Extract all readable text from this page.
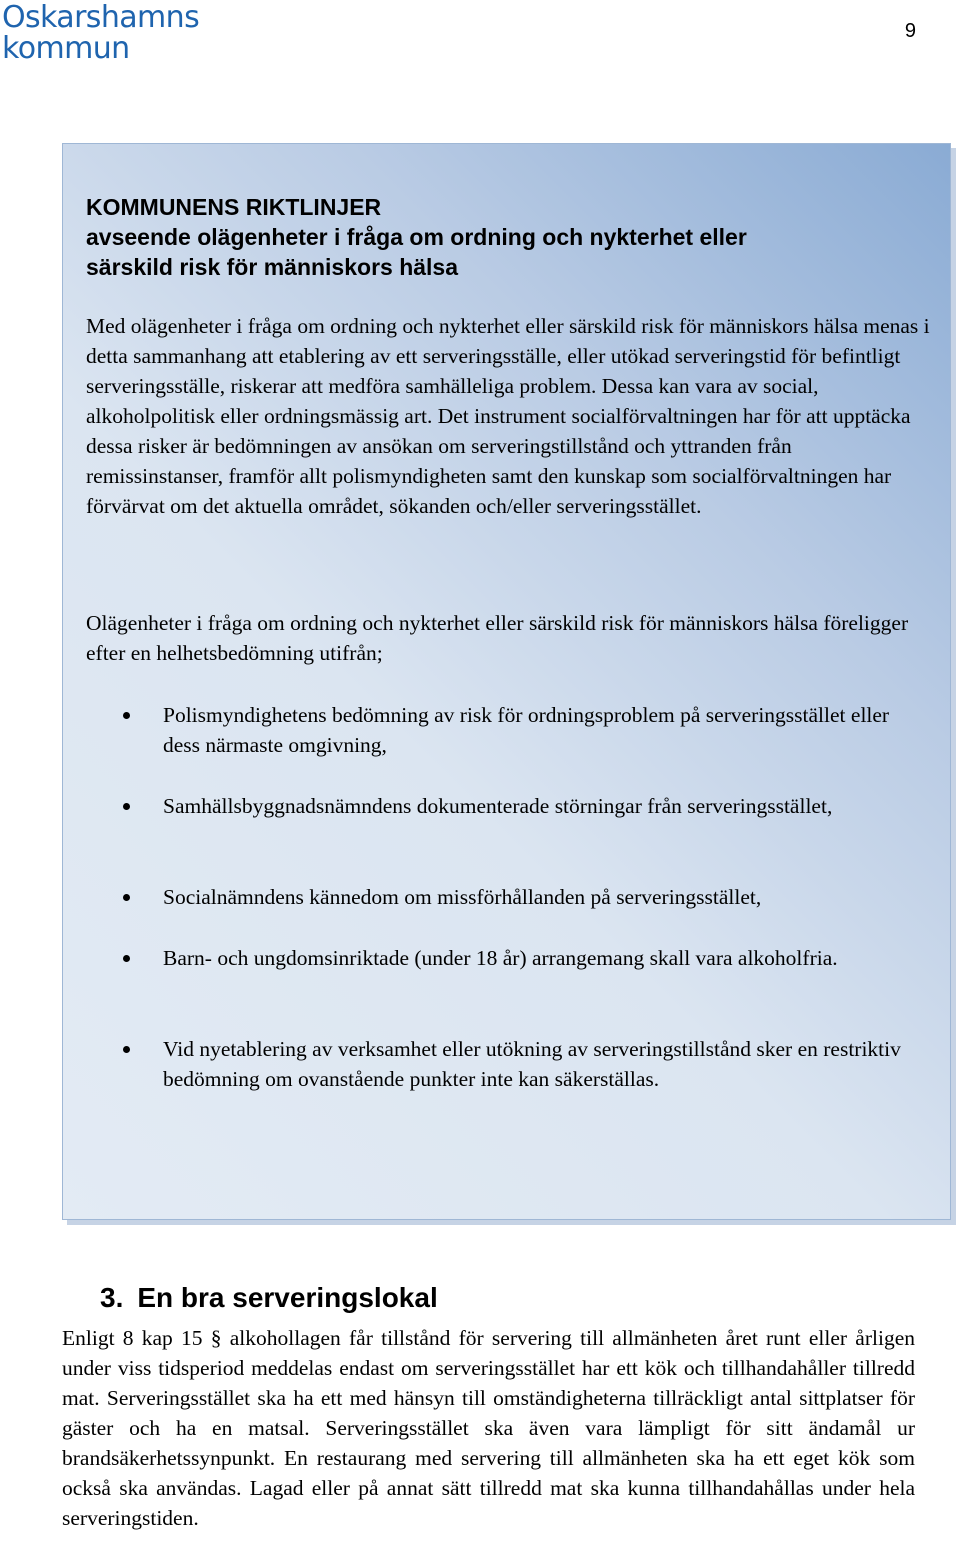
Oskarshamns
kommun	9
KOMMUNENS RIKTLINJER
avseende olägenheter i fråga om ordning och nykterhet eller
särskild risk för människors hälsa
Med olägenheter i fråga om ordning och nykterhet eller särskild risk för människors hälsa menas i detta sammanhang att etablering av ett serveringsställe, eller utökad serveringstid för befintligt serveringsställe, riskerar att medföra samhälleliga problem. Dessa kan vara av social, alkoholpolitisk eller ordningsmässig art. Det instrument socialförvaltningen har för att upptäcka dessa risker är bedömningen av ansökan om serveringstillstånd och yttranden från remissinstanser, framför allt polismyndigheten samt den kunskap som socialförvaltningen har förvärvat om det aktuella området, sökanden och/eller serveringsstället.
Olägenheter i fråga om ordning och nykterhet eller särskild risk för människors hälsa föreligger efter en helhetsbedömning utifrån;
Polismyndighetens bedömning av risk för ordningsproblem på serveringsstället eller dess närmaste omgivning,
Samhällsbyggnadsnämndens dokumenterade störningar från serveringsstället,
Socialnämndens kännedom om missförhållanden på serveringsstället,
Barn- och ungdomsinriktade (under 18 år) arrangemang skall vara alkoholfria.
Vid nyetablering av verksamhet eller utökning av serveringstillstånd sker en restriktiv bedömning om ovanstående punkter inte kan säkerställas.
3. En bra serveringslokal
Enligt 8 kap 15 § alkohollagen får tillstånd för servering till allmänheten året runt eller årligen under viss tidsperiod meddelas endast om serveringsstället har ett kök och tillhandahåller tillredd mat. Serveringsstället ska ha ett med hänsyn till omständigheterna tillräckligt antal sittplatser för gäster och ha en matsal. Serveringsstället ska även vara lämpligt för sitt ändamål ur brandsäkerhetssynpunkt. En restaurang med servering till allmänheten ska ha ett eget kök som också ska användas. Lagad eller på annat sätt tillredd mat ska kunna tillhandahållas under hela serveringstiden.
